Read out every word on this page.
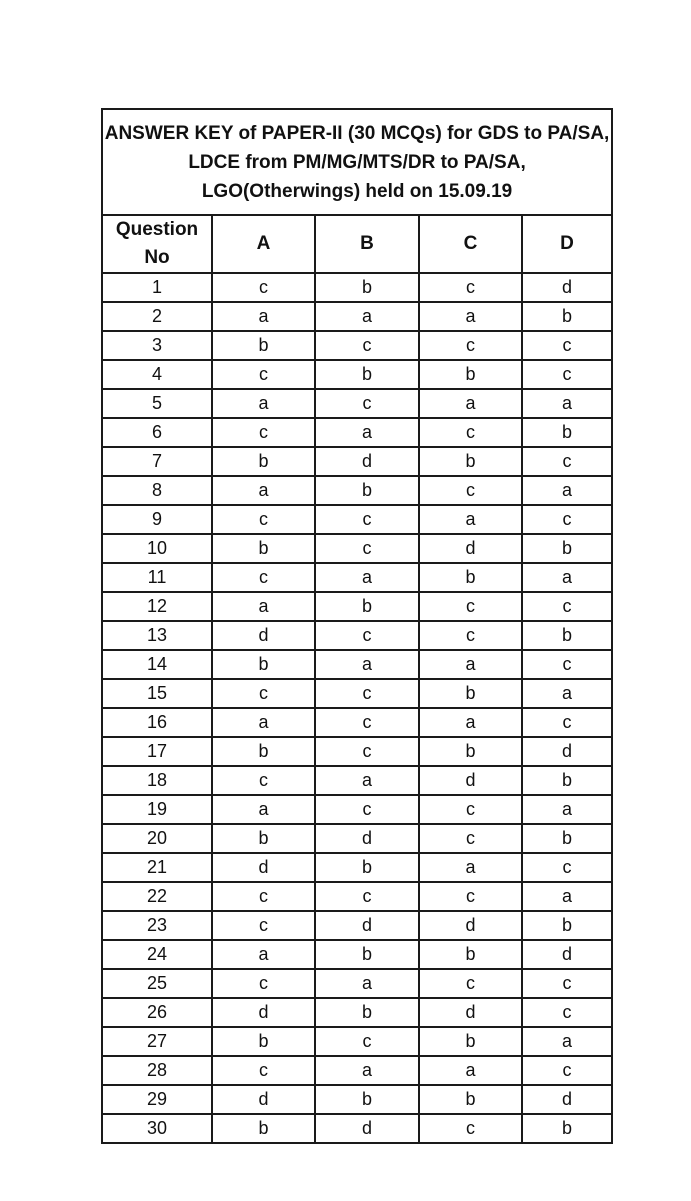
ANSWER KEY of PAPER-II (30 MCQs) for GDS to PA/SA,
LDCE from PM/MG/MTS/DR to PA/SA,
LGO(Otherwings) held on 15.09.19				

Question No	A	B	C	D
1	c	b	c	d
2	a	a	a	b
3	b	c	c	c
4	c	b	b	c
5	a	c	a	a
6	c	a	c	b
7	b	d	b	c
8	a	b	c	a
9	c	c	a	c
10	b	c	d	b
11	c	a	b	a
12	a	b	c	c
13	d	c	c	b
14	b	a	a	c
15	c	c	b	a
16	a	c	a	c
17	b	c	b	d
18	c	a	d	b
19	a	c	c	a
20	b	d	c	b
21	d	b	a	c
22	c	c	c	a
23	c	d	d	b
24	a	b	b	d
25	c	a	c	c
26	d	b	d	c
27	b	c	b	a
28	c	a	a	c
29	d	b	b	d
30	b	d	c	b
